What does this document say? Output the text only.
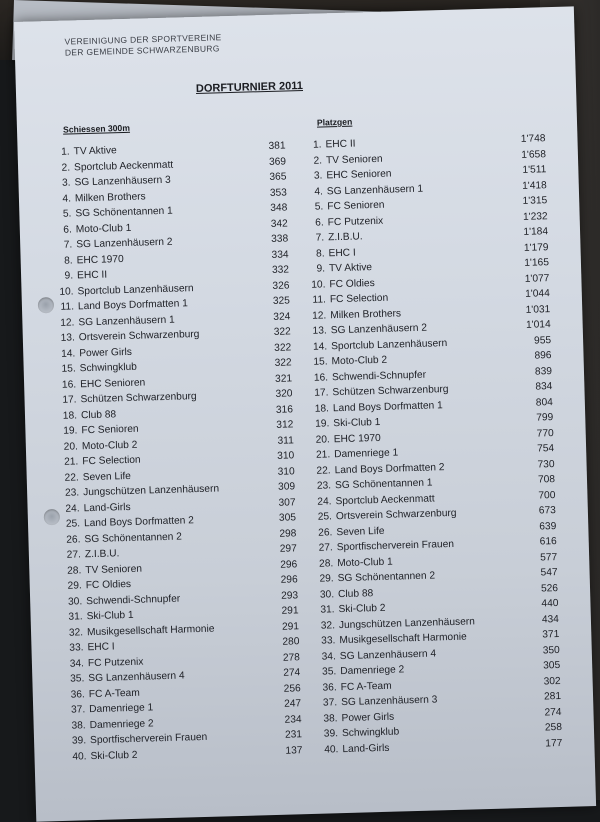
VEREINIGUNG DER SPORTVEREINE
DER GEMEINDE SCHWARZENBURG
DORFTURNIER 2011
Schiessen 300m
Platzgen
1. TV Aktive	381
2. Sportclub Aeckenmatt	369
3. SG Lanzenhäusern 3	365
4. Milken Brothers	353
5. SG Schönentannen 1	348
6. Moto-Club 1	342
7. SG Lanzenhäusern 2	338
8. EHC 1970	334
9. EHC II	332
10. Sportclub Lanzenhäusern	326
11. Land Boys Dorfmatten 1	325
12. SG Lanzenhäusern 1	324
13. Ortsverein Schwarzenburg	322
14. Power Girls	322
15. Schwingklub	322
16. EHC Senioren	321
17. Schützen Schwarzenburg	320
18. Club 88	316
19. FC Senioren	312
20. Moto-Club 2	311
21. FC Selection	310
22. Seven Life	310
23. Jungschützen Lanzenhäusern	309
24. Land-Girls	307
25. Land Boys Dorfmatten 2	305
26. SG Schönentannen 2	298
27. Z.I.B.U.	297
28. TV Senioren	296
29. FC Oldies	296
30. Schwendi-Schnupfer	293
31. Ski-Club 1	291
32. Musikgesellschaft Harmonie	291
33. EHC I	280
34. FC Putzenix	278
35. SG Lanzenhäusern 4	274
36. FC A-Team	256
37. Damenriege 1	247
38. Damenriege 2	234
39. Sportfischerverein Frauen	231
40. Ski-Club 2	137
1. EHC II	1'748
2. TV Senioren	1'658
3. EHC Senioren	1'511
4. SG Lanzenhäusern 1	1'418
5. FC Senioren	1'315
6. FC Putzenix	1'232
7. Z.I.B.U.	1'184
8. EHC I	1'179
9. TV Aktive	1'165
10. FC Oldies	1'077
11. FC Selection	1'044
12. Milken Brothers	1'031
13. SG Lanzenhäusern 2	1'014
14. Sportclub Lanzenhäusern	955
15. Moto-Club 2	896
16. Schwendi-Schnupfer	839
17. Schützen Schwarzenburg	834
18. Land Boys Dorfmatten 1	804
19. Ski-Club 1	799
20. EHC 1970	770
21. Damenriege 1	754
22. Land Boys Dorfmatten 2	730
23. SG Schönentannen 1	708
24. Sportclub Aeckenmatt	700
25. Ortsverein Schwarzenburg	673
26. Seven Life	639
27. Sportfischerverein Frauen	616
28. Moto-Club 1	577
29. SG Schönentannen 2	547
30. Club 88	526
31. Ski-Club 2	440
32. Jungschützen Lanzenhäusern	434
33. Musikgesellschaft Harmonie	371
34. SG Lanzenhäusern 4	350
35. Damenriege 2	305
36. FC A-Team	302
37. SG Lanzenhäusern 3	281
38. Power Girls	274
39. Schwingklub	258
40. Land-Girls	177
